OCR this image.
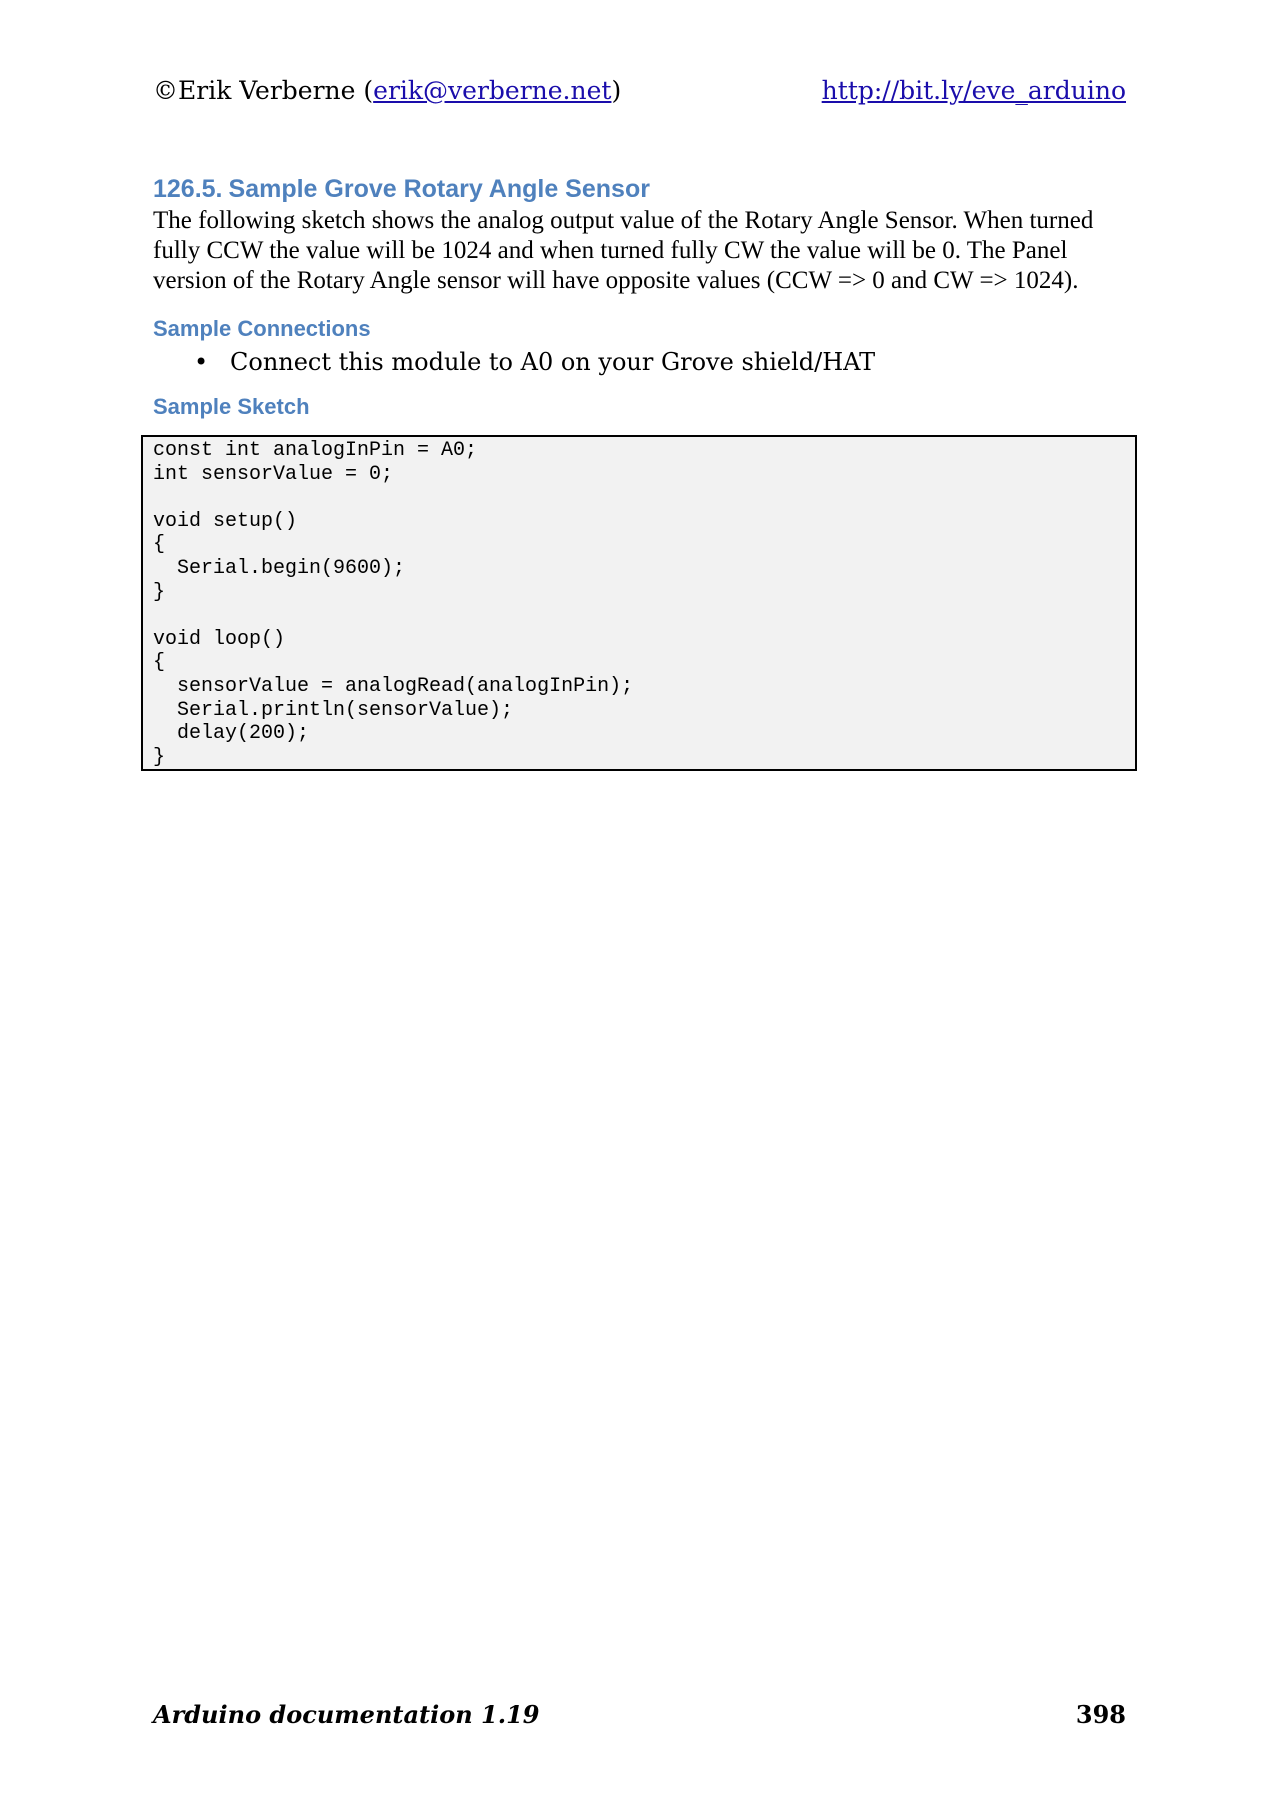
©Erik Verberne (erik@verberne.net)	http://bit.ly/eve_arduino
126.5. Sample Grove Rotary Angle Sensor

The following sketch shows the analog output value of the Rotary Angle Sensor. When turned fully CCW the value will be 1024 and when turned fully CW the value will be 0. The Panel version of the Rotary Angle sensor will have opposite values (CCW => 0 and CW => 1024).

Sample Connections
• Connect this module to A0 on your Grove shield/HAT
Sample Sketch
const int analogInPin = A0;
int sensorValue = 0;
void setup()
{
Serial.begin(9600);
}
void loop()
{
sensorValue = analogRead(analogInPin);
Serial.println(sensorValue);
delay(200);
}
Arduino documentation 1.19	398
